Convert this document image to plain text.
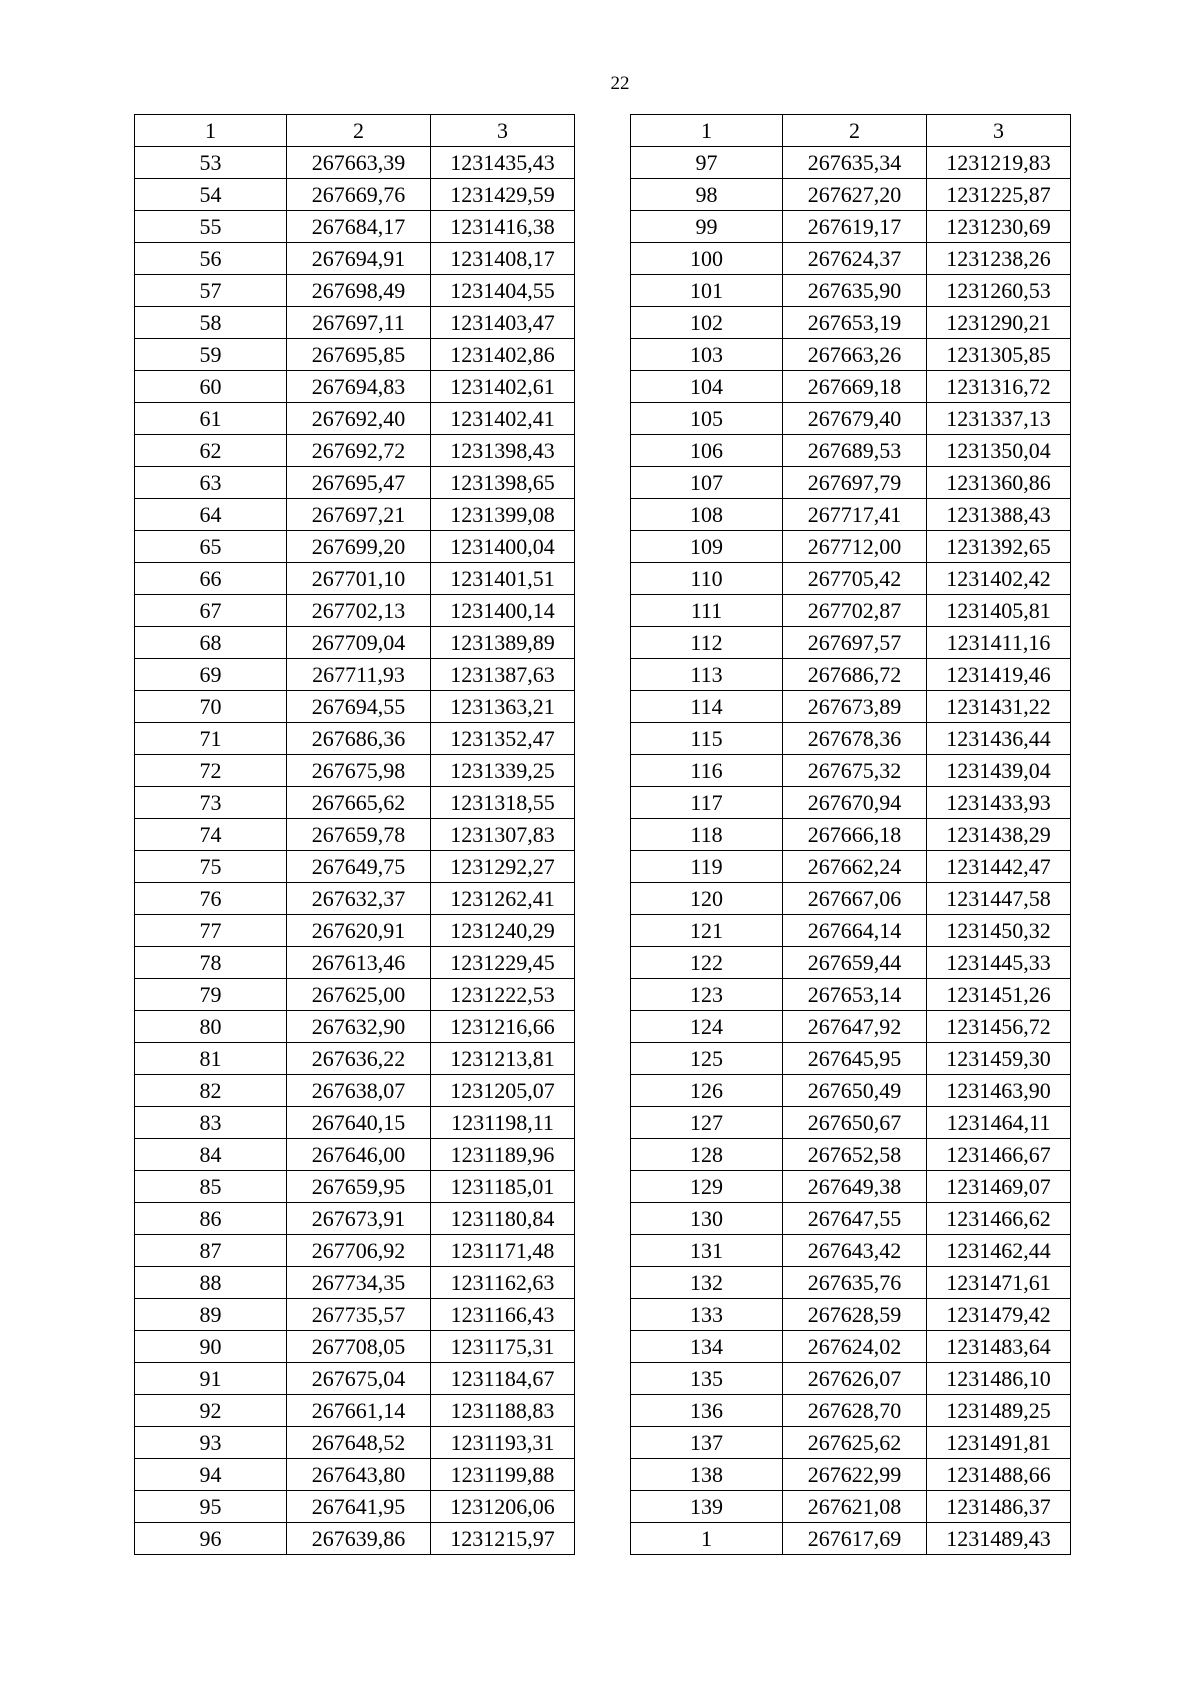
22
1	2	3
53	267663,39	1231435,43
54	267669,76	1231429,59
55	267684,17	1231416,38
56	267694,91	1231408,17
57	267698,49	1231404,55
58	267697,11	1231403,47
59	267695,85	1231402,86
60	267694,83	1231402,61
61	267692,40	1231402,41
62	267692,72	1231398,43
63	267695,47	1231398,65
64	267697,21	1231399,08
65	267699,20	1231400,04
66	267701,10	1231401,51
67	267702,13	1231400,14
68	267709,04	1231389,89
69	267711,93	1231387,63
70	267694,55	1231363,21
71	267686,36	1231352,47
72	267675,98	1231339,25
73	267665,62	1231318,55
74	267659,78	1231307,83
75	267649,75	1231292,27
76	267632,37	1231262,41
77	267620,91	1231240,29
78	267613,46	1231229,45
79	267625,00	1231222,53
80	267632,90	1231216,66
81	267636,22	1231213,81
82	267638,07	1231205,07
83	267640,15	1231198,11
84	267646,00	1231189,96
85	267659,95	1231185,01
86	267673,91	1231180,84
87	267706,92	1231171,48
88	267734,35	1231162,63
89	267735,57	1231166,43
90	267708,05	1231175,31
91	267675,04	1231184,67
92	267661,14	1231188,83
93	267648,52	1231193,31
94	267643,80	1231199,88
95	267641,95	1231206,06
96	267639,86	1231215,97
1	2	3
97	267635,34	1231219,83
98	267627,20	1231225,87
99	267619,17	1231230,69
100	267624,37	1231238,26
101	267635,90	1231260,53
102	267653,19	1231290,21
103	267663,26	1231305,85
104	267669,18	1231316,72
105	267679,40	1231337,13
106	267689,53	1231350,04
107	267697,79	1231360,86
108	267717,41	1231388,43
109	267712,00	1231392,65
110	267705,42	1231402,42
111	267702,87	1231405,81
112	267697,57	1231411,16
113	267686,72	1231419,46
114	267673,89	1231431,22
115	267678,36	1231436,44
116	267675,32	1231439,04
117	267670,94	1231433,93
118	267666,18	1231438,29
119	267662,24	1231442,47
120	267667,06	1231447,58
121	267664,14	1231450,32
122	267659,44	1231445,33
123	267653,14	1231451,26
124	267647,92	1231456,72
125	267645,95	1231459,30
126	267650,49	1231463,90
127	267650,67	1231464,11
128	267652,58	1231466,67
129	267649,38	1231469,07
130	267647,55	1231466,62
131	267643,42	1231462,44
132	267635,76	1231471,61
133	267628,59	1231479,42
134	267624,02	1231483,64
135	267626,07	1231486,10
136	267628,70	1231489,25
137	267625,62	1231491,81
138	267622,99	1231488,66
139	267621,08	1231486,37
1	267617,69	1231489,43
